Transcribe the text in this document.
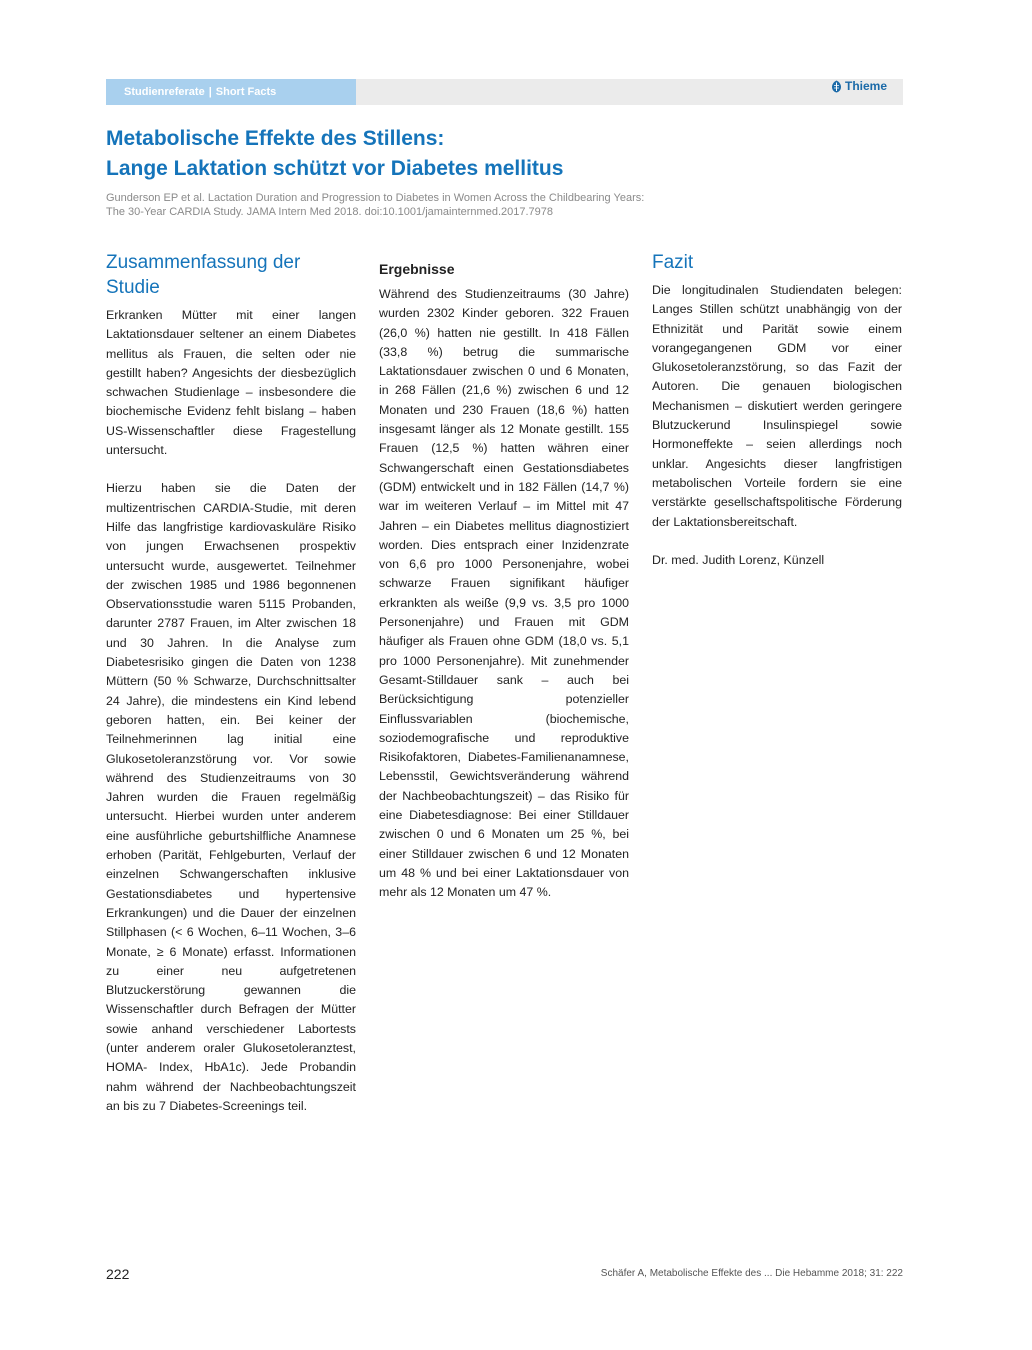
Studienreferate | Short Facts	Thieme
Metabolische Effekte des Stillens:
Lange Laktation schützt vor Diabetes mellitus
Gunderson EP et al. Lactation Duration and Progression to Diabetes in Women Across the Childbearing Years:
The 30-Year CARDIA Study. JAMA Intern Med 2018. doi:10.1001/jamainternmed.2017.7978
Zusammenfassung der Studie

Erkranken Mütter mit einer langen Laktationsdauer seltener an einem Diabetes mellitus als Frauen, die selten oder nie gestillt haben? Angesichts der diesbezüglich schwachen Studienlage – insbesondere die biochemische Evidenz fehlt bislang – haben US-Wissenschaftler diese Fragestellung untersucht.

Hierzu haben sie die Daten der multizentrischen CARDIA-Studie, mit deren Hilfe das langfristige kardiovaskuläre Risiko von jungen Erwachsenen prospektiv untersucht wurde, ausgewertet. Teilnehmer der zwischen 1985 und 1986 begonnenen Observationsstudie waren 5115 Probanden, darunter 2787 Frauen, im Alter zwischen 18 und 30 Jahren. In die Analyse zum Diabetesrisiko gingen die Daten von 1238 Müttern (50 % Schwarze, Durchschnittsalter 24 Jahre), die mindestens ein Kind lebend geboren hatten, ein. Bei keiner der Teilnehmerinnen lag initial eine Glukosetoleranzstörung vor. Vor sowie während des Studienzeitraums von 30 Jahren wurden die Frauen regelmäßig untersucht. Hierbei wurden unter anderem eine ausführliche geburtshilfliche Anamnese erhoben (Parität, Fehlgeburten, Verlauf der einzelnen Schwangerschaften inklusive Gestationsdiabetes und hypertensive Erkrankungen) und die Dauer der einzelnen Stillphasen (< 6 Wochen, 6–11 Wochen, 3–6 Monate, ≥ 6 Monate) erfasst. Informationen zu einer neu aufgetretenen Blutzuckerstörung gewannen die Wissenschaftler durch Befragen der Mütter sowie anhand verschiedener Labortests (unter anderem oraler Glukosetoleranztest, HOMA- Index, HbA1c). Jede Probandin nahm während der Nachbeobachtungszeit an bis zu 7 Diabetes-Screenings teil.

Ergebnisse

Während des Studienzeitraums (30 Jahre) wurden 2302 Kinder geboren. 322 Frauen (26,0 %) hatten nie gestillt. In 418 Fällen (33,8 %) betrug die summarische Laktationsdauer zwischen 0 und 6 Monaten, in 268 Fällen (21,6 %) zwischen 6 und 12 Monaten und 230 Frauen (18,6 %) hatten insgesamt länger als 12 Monate gestillt. 155 Frauen (12,5 %) hatten währen einer Schwangerschaft einen Gestationsdiabetes (GDM) entwickelt und in 182 Fällen (14,7 %) war im weiteren Verlauf – im Mittel mit 47 Jahren – ein Diabetes mellitus diagnostiziert worden. Dies entsprach einer Inzidenzrate von 6,6 pro 1000 Personenjahre, wobei schwarze Frauen signifikant häufiger erkrankten als weiße (9,9 vs. 3,5 pro 1000 Personenjahre) und Frauen mit GDM häufiger als Frauen ohne GDM (18,0 vs. 5,1 pro 1000 Personenjahre). Mit zunehmender Gesamt-Stilldauer sank – auch bei Berücksichtigung potenzieller Einflussvariablen (biochemische, soziodemografische und reproduktive Risikofaktoren, Diabetes-Familienanamnese, Lebensstil, Gewichtsveränderung während der Nachbeobachtungszeit) – das Risiko für eine Diabetesdiagnose: Bei einer Stilldauer zwischen 0 und 6 Monaten um 25 %, bei einer Stilldauer zwischen 6 und 12 Monaten um 48 % und bei einer Laktationsdauer von mehr als 12 Monaten um 47 %.

Fazit

Die longitudinalen Studiendaten belegen: Langes Stillen schützt unabhängig von der Ethnizität und Parität sowie einem vorangegangenen GDM vor einer Glukosetoleranzstörung, so das Fazit der Autoren. Die genauen biologischen Mechanismen – diskutiert werden geringere Blutzuckerund Insulinspiegel sowie Hormoneffekte – seien allerdings noch unklar. Angesichts dieser langfristigen metabolischen Vorteile fordern sie eine verstärkte gesellschaftspolitische Förderung der Laktationsbereitschaft.

Dr. med. Judith Lorenz, Künzell

222	Schäfer A, Metabolische Effekte des ... Die Hebamme 2018; 31: 222
